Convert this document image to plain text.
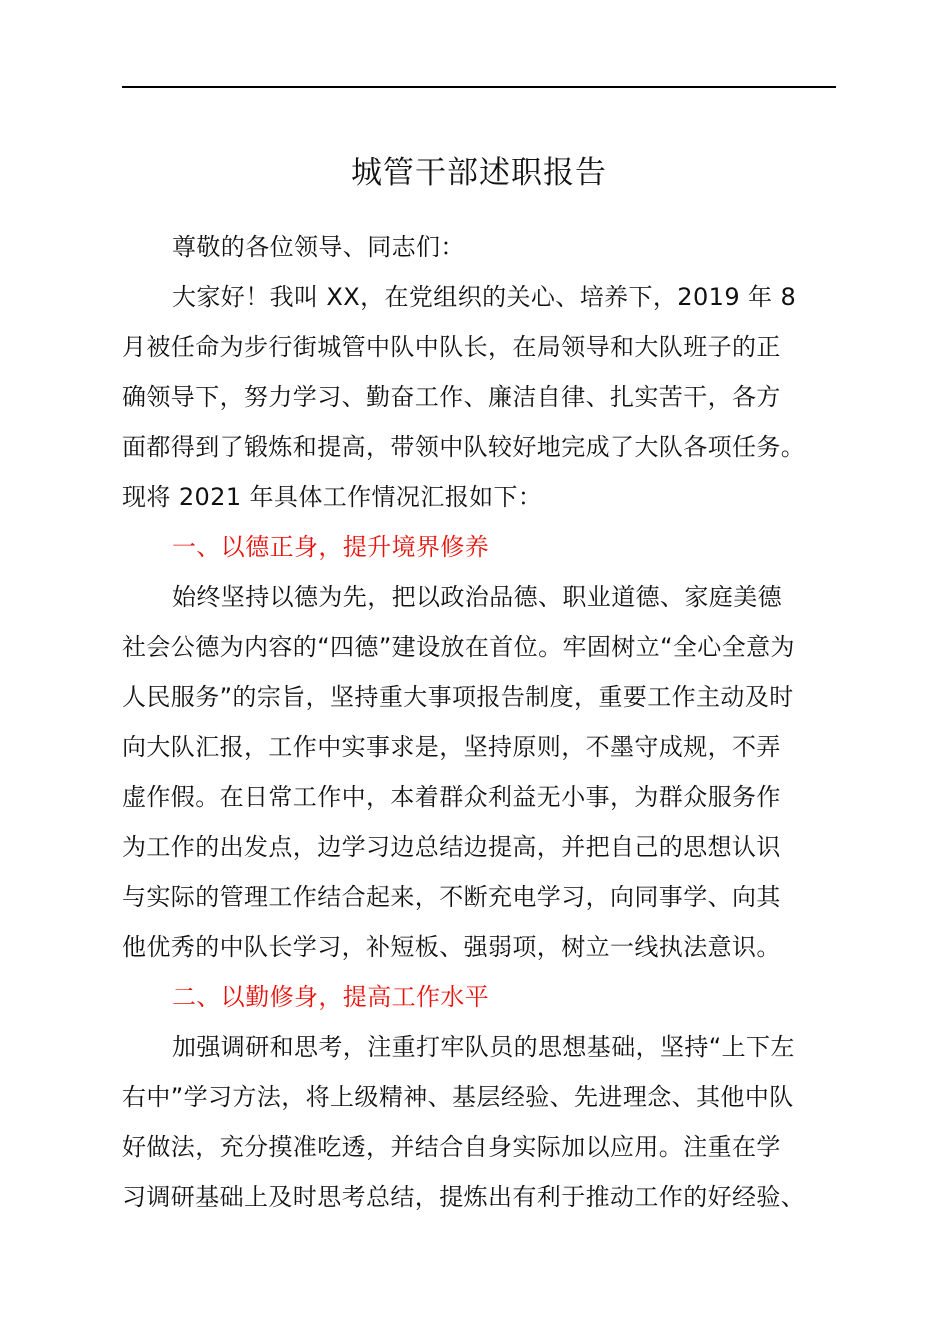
城管干部述职报告

尊敬的各位领导、同志们：

大家好！我叫 XX，在党组织的关心、培养下，2019 年 8
月被任命为步行街城管中队中队长，在局领导和大队班子的正
确领导下，努力学习、勤奋工作、廉洁自律、扎实苦干，各方
面都得到了锻炼和提高，带领中队较好地完成了大队各项任务。
现将 2021 年具体工作情况汇报如下：

一、以德正身，提升境界修养

始终坚持以德为先，把以政治品德、职业道德、家庭美德
社会公德为内容的“四德”建设放在首位。牢固树立“全心全意为
人民服务”的宗旨，坚持重大事项报告制度，重要工作主动及时
向大队汇报，工作中实事求是，坚持原则，不墨守成规，不弄
虚作假。在日常工作中，本着群众利益无小事，为群众服务作
为工作的出发点，边学习边总结边提高，并把自己的思想认识
与实际的管理工作结合起来，不断充电学习，向同事学、向其
他优秀的中队长学习，补短板、强弱项，树立一线执法意识。

二、以勤修身，提高工作水平

加强调研和思考，注重打牢队员的思想基础，坚持“上下左
右中”学习方法，将上级精神、基层经验、先进理念、其他中队
好做法，充分摸准吃透，并结合自身实际加以应用。注重在学
习调研基础上及时思考总结，提炼出有利于推动工作的好经验、
